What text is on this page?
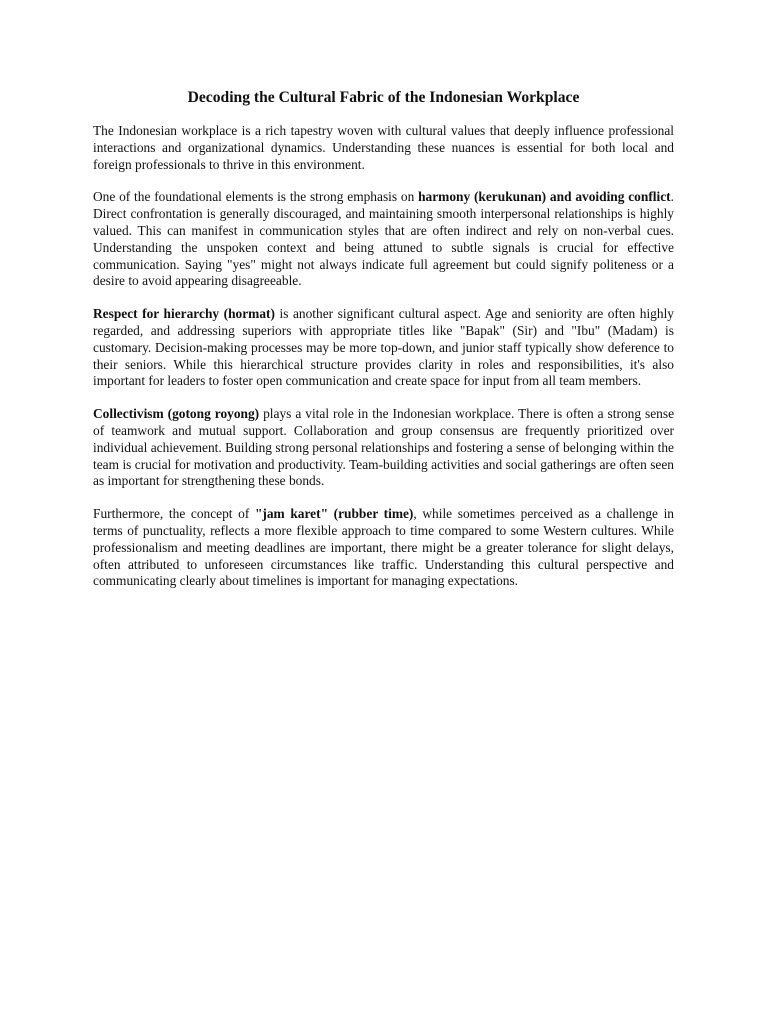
Decoding the Cultural Fabric of the Indonesian Workplace

The Indonesian workplace is a rich tapestry woven with cultural values that deeply influence professional interactions and organizational dynamics. Understanding these nuances is essential for both local and foreign professionals to thrive in this environment.

One of the foundational elements is the strong emphasis on harmony (kerukunan) and avoiding conflict. Direct confrontation is generally discouraged, and maintaining smooth interpersonal relationships is highly valued. This can manifest in communication styles that are often indirect and rely on non-verbal cues. Understanding the unspoken context and being attuned to subtle signals is crucial for effective communication. Saying "yes" might not always indicate full agreement but could signify politeness or a desire to avoid appearing disagreeable.

Respect for hierarchy (hormat) is another significant cultural aspect. Age and seniority are often highly regarded, and addressing superiors with appropriate titles like "Bapak" (Sir) and "Ibu" (Madam) is customary. Decision-making processes may be more top-down, and junior staff typically show deference to their seniors. While this hierarchical structure provides clarity in roles and responsibilities, it's also important for leaders to foster open communication and create space for input from all team members.

Collectivism (gotong royong) plays a vital role in the Indonesian workplace. There is often a strong sense of teamwork and mutual support. Collaboration and group consensus are frequently prioritized over individual achievement. Building strong personal relationships and fostering a sense of belonging within the team is crucial for motivation and productivity. Team-building activities and social gatherings are often seen as important for strengthening these bonds.

Furthermore, the concept of "jam karet" (rubber time), while sometimes perceived as a challenge in terms of punctuality, reflects a more flexible approach to time compared to some Western cultures. While professionalism and meeting deadlines are important, there might be a greater tolerance for slight delays, often attributed to unforeseen circumstances like traffic. Understanding this cultural perspective and communicating clearly about timelines is important for managing expectations.
